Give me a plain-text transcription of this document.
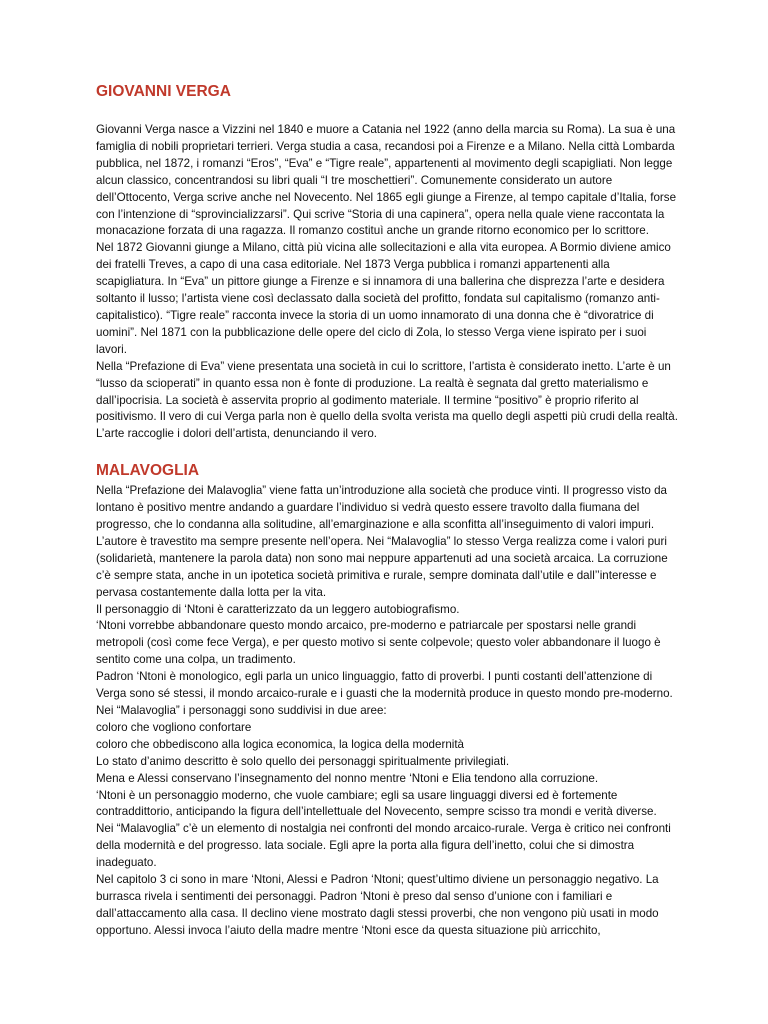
GIOVANNI VERGA

Giovanni Verga nasce a Vizzini nel 1840 e muore a Catania nel 1922 (anno della marcia su Roma). La sua è una famiglia di nobili proprietari terrieri. Verga studia a casa, recandosi poi a Firenze e a Milano. Nella città Lombarda pubblica, nel 1872, i romanzi “Eros”, “Eva” e “Tigre reale”, appartenenti al movimento degli scapigliati. Non legge alcun classico, concentrandosi su libri quali “I tre moschettieri”. Comunemente considerato un autore dell’Ottocento, Verga scrive anche nel Novecento. Nel 1865 egli giunge a Firenze, al tempo capitale d’Italia, forse con l’intenzione di “sprovincializzarsi”. Qui scrive “Storia di una capinera”, opera nella quale viene raccontata la monacazione forzata di una ragazza. Il romanzo costituì anche un grande ritorno economico per lo scrittore.

Nel 1872 Giovanni giunge a Milano, città più vicina alle sollecitazioni e alla vita europea. A Bormio diviene amico dei fratelli Treves, a capo di una casa editoriale. Nel 1873 Verga pubblica i romanzi appartenenti alla scapigliatura. In “Eva” un pittore giunge a Firenze e si innamora di una ballerina che disprezza l’arte e desidera soltanto il lusso; l’artista viene così declassato dalla società del profitto, fondata sul capitalismo (romanzo anti-capitalistico). “Tigre reale” racconta invece la storia di un uomo innamorato di una donna che è “divoratrice di uomini”. Nel 1871 con la pubblicazione delle opere del ciclo di Zola, lo stesso Verga viene ispirato per i suoi lavori.

Nella “Prefazione di Eva” viene presentata una società in cui lo scrittore, l’artista è considerato inetto. L’arte è un “lusso da scioperati” in quanto essa non è fonte di produzione. La realtà è segnata dal gretto materialismo e dall’ipocrisia. La società è asservita proprio al godimento materiale. Il termine “positivo” è proprio riferito al positivismo. Il vero di cui Verga parla non è quello della svolta verista ma quello degli aspetti più crudi della realtà. L’arte raccoglie i dolori dell’artista, denunciando il vero.

MALAVOGLIA

Nella “Prefazione dei Malavoglia” viene fatta un’introduzione alla società che produce vinti. Il progresso visto da lontano è positivo mentre andando a guardare l’individuo si vedrà questo essere travolto dalla fiumana del progresso, che lo condanna alla solitudine, all’emarginazione e alla sconfitta all’inseguimento di valori impuri. L’autore è travestito ma sempre presente nell’opera. Nei “Malavoglia” lo stesso Verga realizza come i valori puri (solidarietà, mantenere la parola data) non sono mai neppure appartenuti ad una società arcaica. La corruzione c’è sempre stata, anche in un ipotetica società primitiva e rurale, sempre dominata dall’utile e dall’’interesse e pervasa costantemente dalla lotta per la vita.

Il personaggio di ‘Ntoni è caratterizzato da un leggero autobiografismo.

‘Ntoni vorrebbe abbandonare questo mondo arcaico, pre-moderno e patriarcale per spostarsi nelle grandi metropoli (così come fece Verga), e per questo motivo si sente colpevole; questo voler abbandonare il luogo è sentito come una colpa, un tradimento.

Padron ‘Ntoni è monologico, egli parla un unico linguaggio, fatto di proverbi. I punti costanti dell’attenzione di Verga sono sé stessi, il mondo arcaico-rurale e i guasti che la modernità produce in questo mondo pre-moderno. Nei “Malavoglia” i personaggi sono suddivisi in due aree:

coloro che vogliono confortare

coloro che obbediscono alla logica economica, la logica della modernità

Lo stato d’animo descritto è solo quello dei personaggi spiritualmente privilegiati.

Mena e Alessi conservano l’insegnamento del nonno mentre ‘Ntoni e Elia tendono alla corruzione.

‘Ntoni è un personaggio moderno, che vuole cambiare; egli sa usare linguaggi diversi ed è fortemente contraddittorio, anticipando la figura dell’intellettuale del Novecento, sempre scisso tra mondi e verità diverse.

Nei “Malavoglia” c’è un elemento di nostalgia nei confronti del mondo arcaico-rurale. Verga è critico nei confronti della modernità e del progresso. lata sociale. Egli apre la porta alla figura dell’inetto, colui che si dimostra inadeguato.

Nel capitolo 3 ci sono in mare ‘Ntoni, Alessi e Padron ‘Ntoni; quest’ultimo diviene un personaggio negativo. La burrasca rivela i sentimenti dei personaggi. Padron ‘Ntoni è preso dal senso d’unione con i familiari e dall’attaccamento alla casa. Il declino viene mostrato dagli stessi proverbi, che non vengono più usati in modo opportuno. Alessi invoca l’aiuto della madre mentre ‘Ntoni esce da questa situazione più arricchito,
